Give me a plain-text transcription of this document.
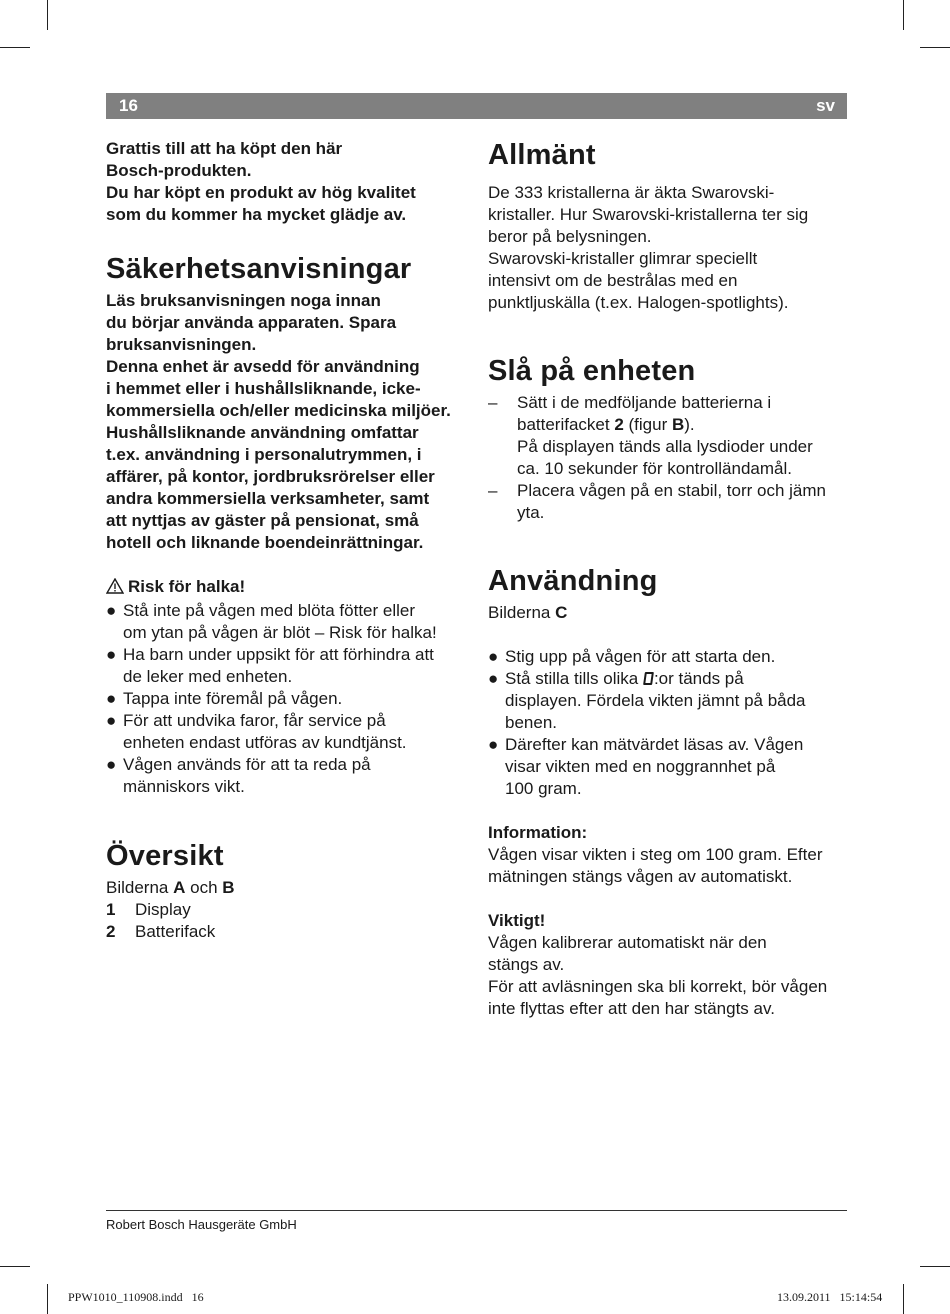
16	sv

Grattis till att ha köpt den här

Bosch-produkten.

Du har köpt en produkt av hög kvalitet

som du kommer ha mycket glädje av.

Säkerhetsanvisningar

Läs bruksanvisningen noga innan

du börjar använda apparaten. Spara

bruksanvisningen.

Denna enhet är avsedd för användning

i hemmet eller i hushållsliknande, icke-

kommersiella och/eller medicinska miljöer.

Hushållsliknande användning omfattar

t.ex. användning i personalutrymmen, i

affärer, på kontor, jordbruksrörelser eller

andra kommersiella verksamheter, samt

att nyttjas av gäster på pensionat, små

hotell och liknande boendeinrättningar.

Risk för halka!

● Stå inte på vågen med blöta fötter eller

om ytan på vågen är blöt – Risk för halka!

● Ha barn under uppsikt för att förhindra att

de leker med enheten.

● Tappa inte föremål på vågen.

● För att undvika faror, får service på

enheten endast utföras av kundtjänst.

● Vågen används för att ta reda på

människors vikt.

Översikt

Bilderna A och B

1 Display
2 Batterifack
Allmänt

De 333 kristallerna är äkta Swarovski-

kristaller. Hur Swarovski-kristallerna ter sig

beror på belysningen.

Swarovski-kristaller glimrar speciellt

intensivt om de bestrålas med en

punktljuskälla (t.ex. Halogen-spotlights).

Slå på enheten
– Sätt i de medföljande batterierna i

batterifacket 2 (figur B).

På displayen tänds alla lysdioder under

ca. 10 sekunder för kontrolländamål.

– Placera vågen på en stabil, torr och jämn

yta.

Användning

Bilderna C

● Stig upp på vågen för att starta den.

● Stå stilla tills olika :or tänds på

displayen. Fördela vikten jämnt på båda

benen.

● Därefter kan mätvärdet läsas av. Vågen

visar vikten med en noggrannhet på

100 gram.

Information:

Vågen visar vikten i steg om 100 gram. Efter

mätningen stängs vågen av automatiskt.

Viktigt!

Vågen kalibrerar automatiskt när den

stängs av.

För att avläsningen ska bli korrekt, bör vågen

inte flyttas efter att den har stängts av.

Robert Bosch Hausgeräte GmbH
PPW1010_110908.indd   16	13.09.2011   15:14:54
